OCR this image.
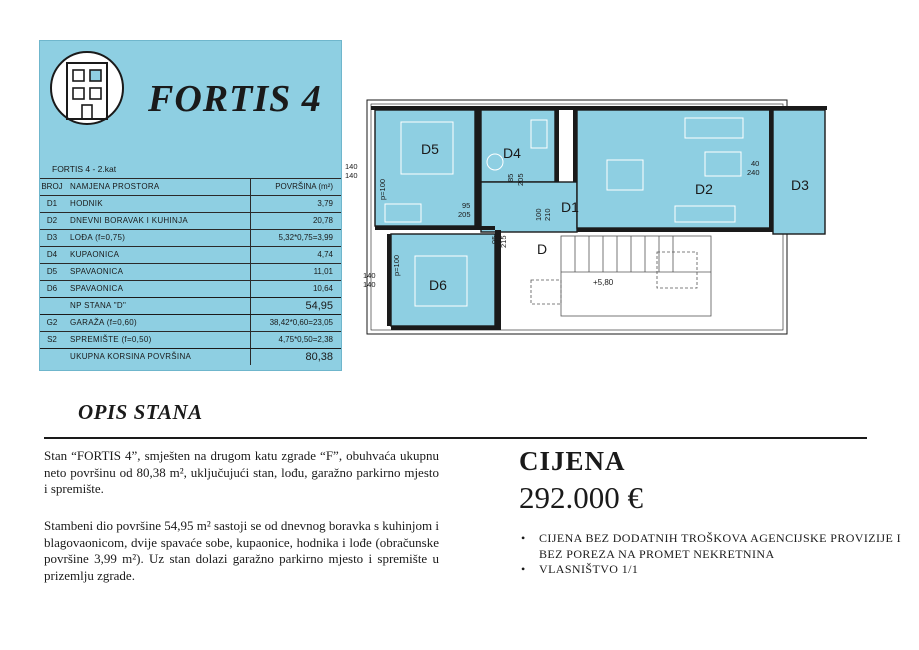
FORTIS 4
FORTIS 4 - 2.kat
BROJ NAMJENA PROSTORA	POVRŠINA (m²)
D1	HODNIK	3,79
D2	DNEVNI BORAVAK I KUHINJA	20,78
D3	LOĐA (f=0,75)	5,32*0,75=3,99
D4	KUPAONICA	4,74
D5	SPAVAONICA	11,01
D6	SPAVAONICA	10,64
NP STANA "D"	54,95
G2	GARAŽA (f=0,60)	38,42*0,60=23,05
S2	SPREMIŠTE (f=0,50)	4,75*0,50=2,38
UKUPNA KORSINA POVRŠINA	80,38
D5	D4
D1
D2	D3
D6
D
140
140
140
140
p=100
p=100
85 205
95
205	100 210
95 215
40
240
+5,80
OPIS STANA
Stan “FORTIS 4”, smješten na drugom katu zgrade “F”, obuhvaća ukupnu neto površinu od 80,38 m², uključujući stan, lođu, garažno parkirno mjesto i spremište.
Stambeni dio površine 54,95 m² sastoji se od dnevnog boravka s kuhinjom i blagovaonicom, dvije spavaće sobe, kupaonice, hodnika i lođe (obračunske površine 3,99 m²). Uz stan dolazi garažno parkirno mjesto i spremište u prizemlju zgrade.
CIJENA
292.000 €
• CIJENA BEZ DODATNIH TROŠKOVA AGENCIJSKE PROVIZIJE I BEZ POREZA NA PROMET NEKRETNINA
• VLASNIŠTVO 1/1
